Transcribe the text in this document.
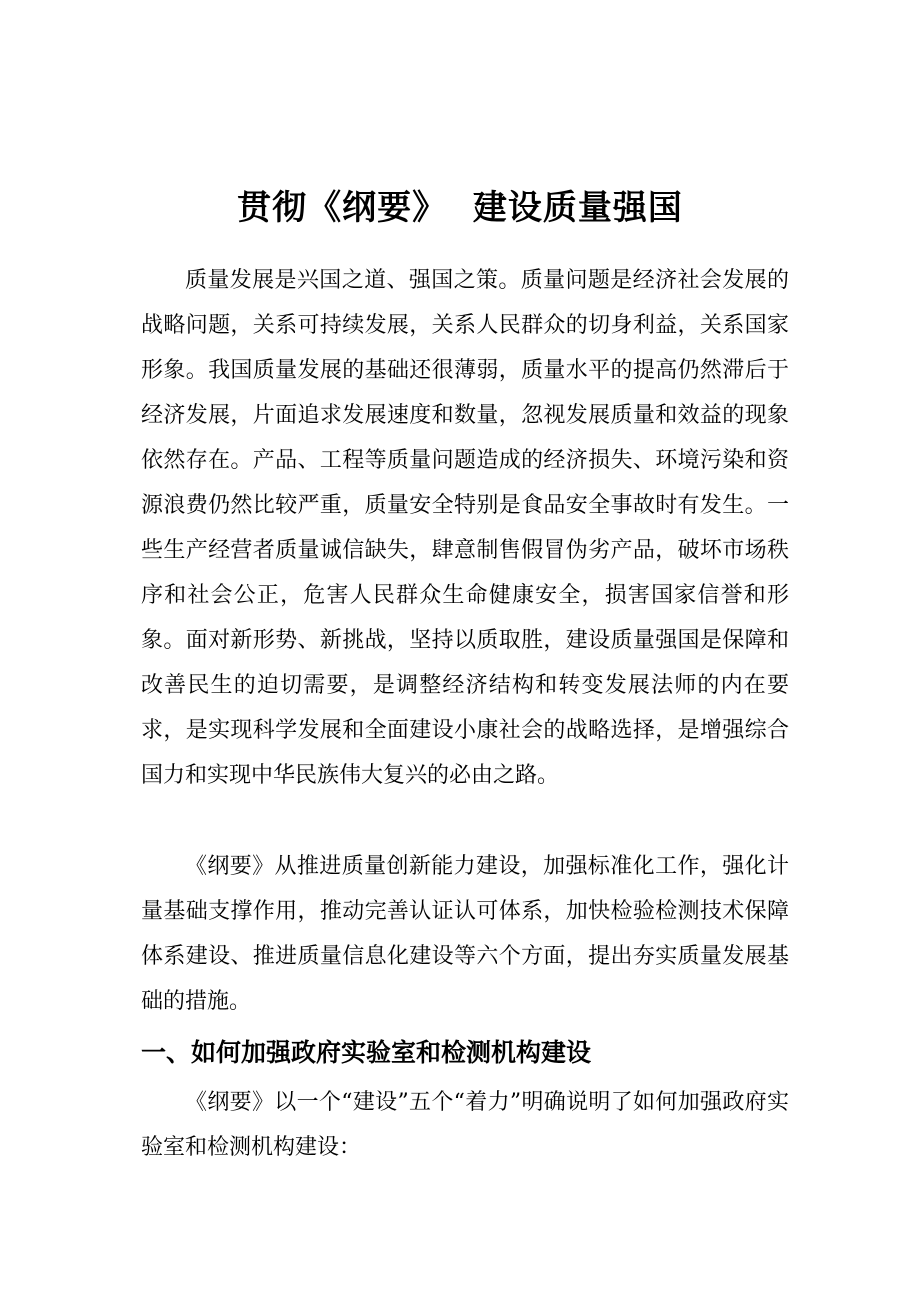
贯彻《纲要》  建设质量强国

质量发展是兴国之道、强国之策。质量问题是经济社会发展的战略问题，关系可持续发展，关系人民群众的切身利益，关系国家形象。我国质量发展的基础还很薄弱，质量水平的提高仍然滞后于经济发展，片面追求发展速度和数量，忽视发展质量和效益的现象依然存在。产品、工程等质量问题造成的经济损失、环境污染和资源浪费仍然比较严重，质量安全特别是食品安全事故时有发生。一些生产经营者质量诚信缺失，肆意制售假冒伪劣产品，破坏市场秩序和社会公正，危害人民群众生命健康安全，损害国家信誉和形象。面对新形势、新挑战，坚持以质取胜，建设质量强国是保障和改善民生的迫切需要，是调整经济结构和转变发展法师的内在要求，是实现科学发展和全面建设小康社会的战略选择，是增强综合国力和实现中华民族伟大复兴的必由之路。

《纲要》从推进质量创新能力建设，加强标准化工作，强化计量基础支撑作用，推动完善认证认可体系，加快检验检测技术保障体系建设、推进质量信息化建设等六个方面，提出夯实质量发展基础的措施。

一、如何加强政府实验室和检测机构建设

《纲要》以一个“建设”五个“着力”明确说明了如何加强政府实验室和检测机构建设：
